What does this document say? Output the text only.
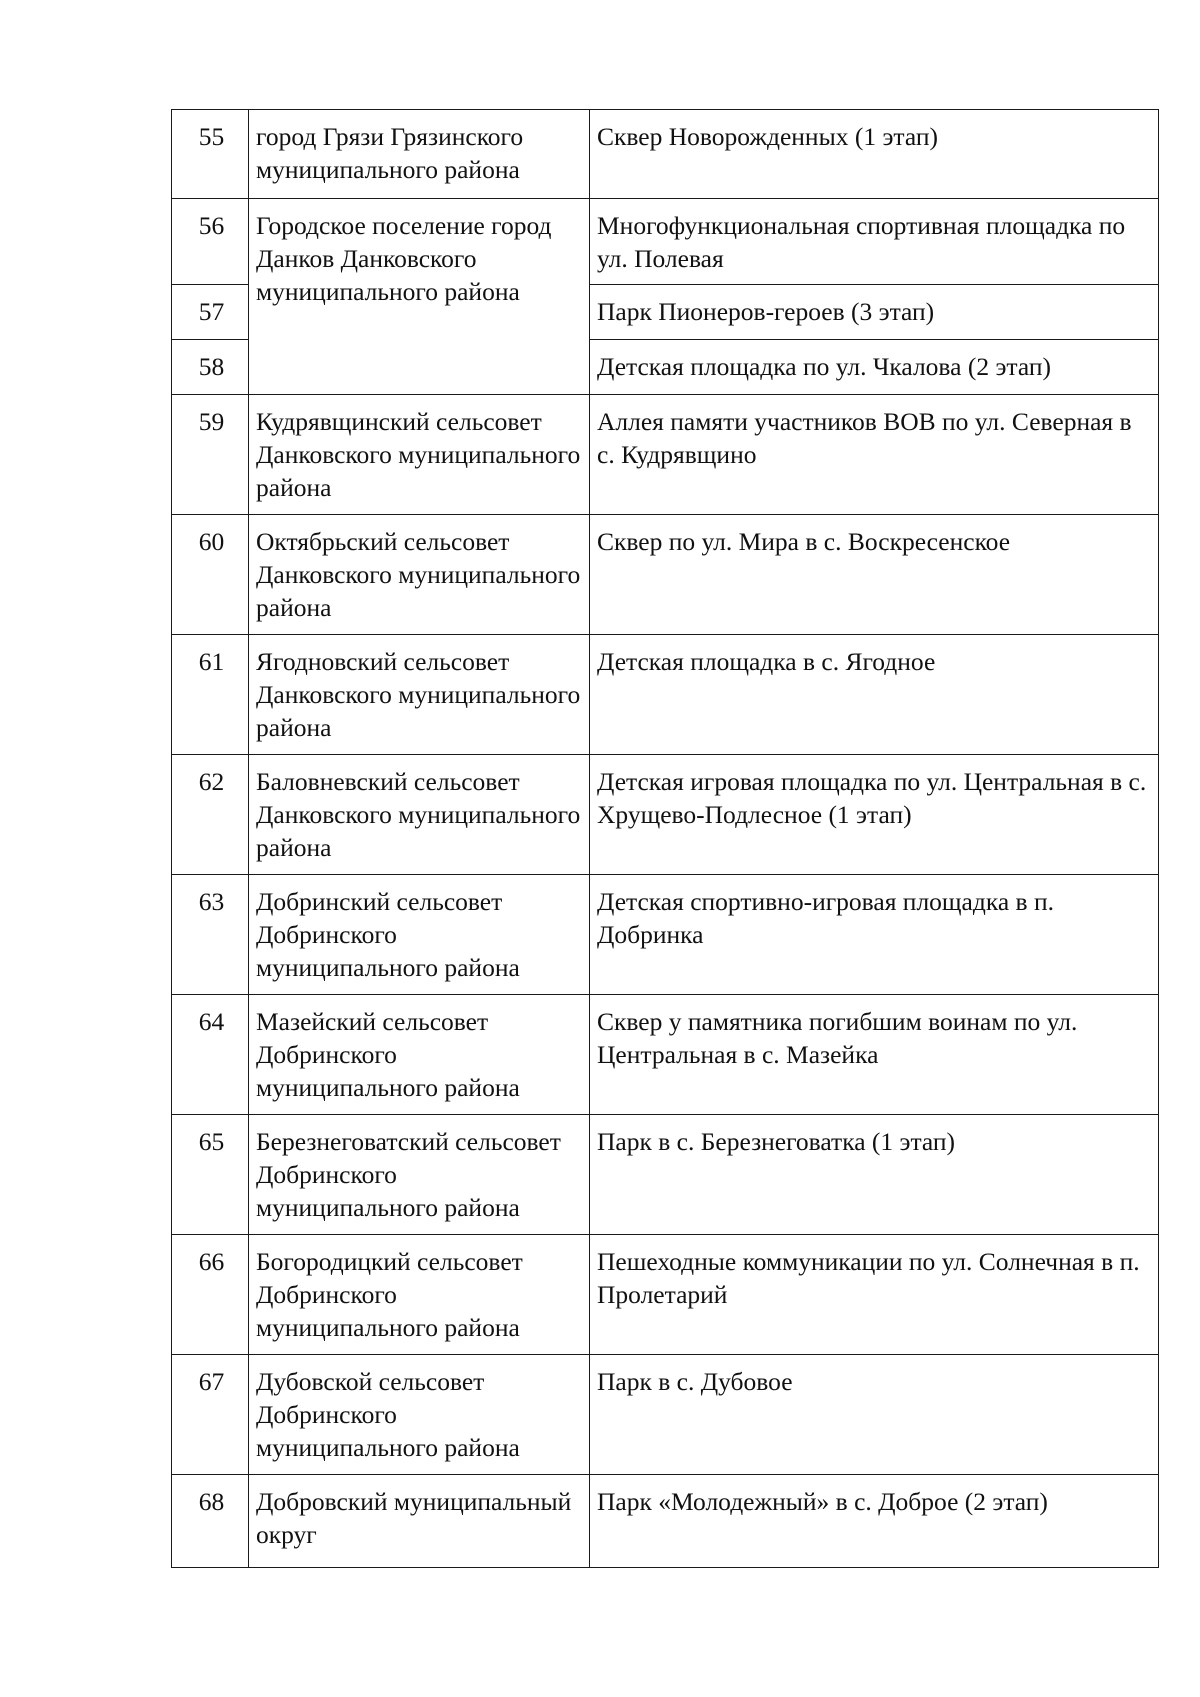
55	город Грязи Грязинского муниципального района	Сквер Новорожденных (1 этап)
56	Городское поселение город Данков Данковского муниципального района	Многофункциональная спортивная площадка по ул. Полевая
57		Парк Пионеров-героев (3 этап)
58		Детская площадка по ул. Чкалова (2 этап)
59	Кудрявщинский сельсовет Данковского муниципального района	Аллея памяти участников ВОВ по ул. Северная в с. Кудрявщино
60	Октябрьский сельсовет Данковского муниципального района	Сквер по ул. Мира в с. Воскресенское
61	Ягодновский сельсовет Данковского муниципального района	Детская площадка в с. Ягодное
62	Баловневский сельсовет Данковского муниципального района	Детская игровая площадка по ул. Центральная в с. Хрущево-Подлесное (1 этап)
63	Добринский сельсовет Добринского муниципального района	Детская спортивно-игровая площадка в п. Добринка
64	Мазейский сельсовет Добринского муниципального района	Сквер у памятника погибшим воинам по ул. Центральная в с. Мазейка
65	Березнеговатский сельсовет Добринского муниципального района	Парк в с. Березнеговатка (1 этап)
66	Богородицкий сельсовет Добринского муниципального района	Пешеходные коммуникации по ул. Солнечная в п. Пролетарий
67	Дубовской сельсовет Добринского муниципального района	Парк в с. Дубовое
68	Добровский муниципальный округ	Парк «Молодежный» в с. Доброе (2 этап)
